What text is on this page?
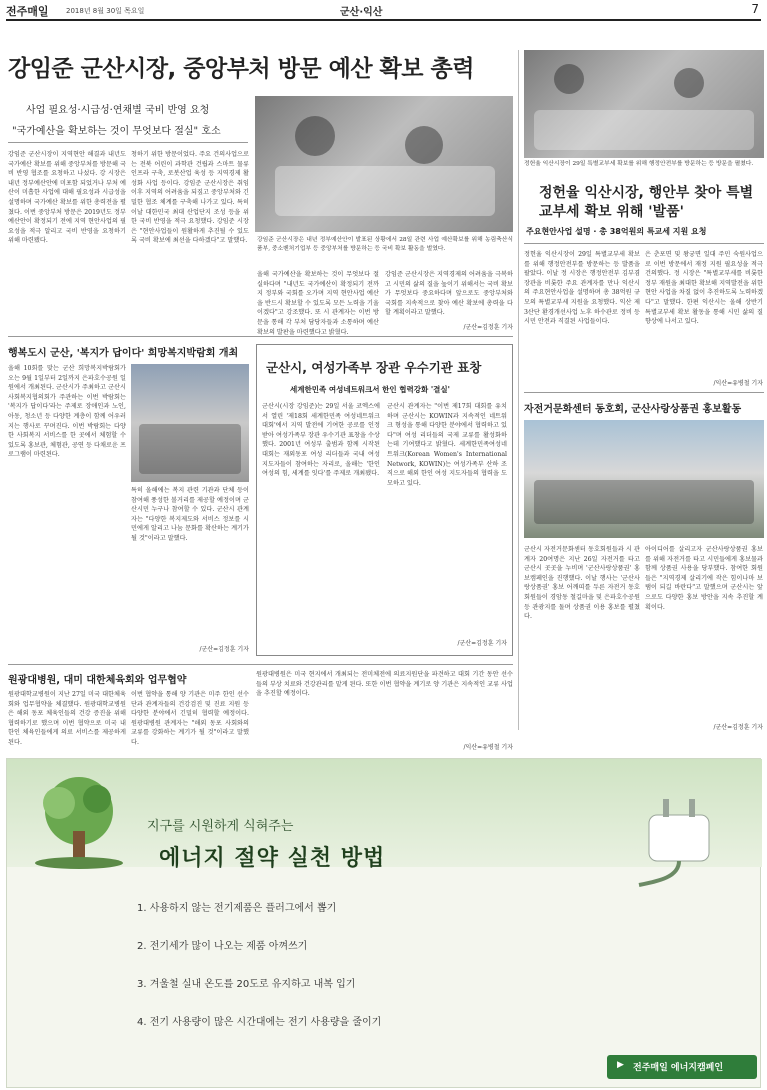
전주매일 2018년 8월 30일 목요일	군산·익산	7
강임준 군산시장, 중앙부처 방문 예산 확보 총력
사업 필요성·시급성·연채별 국비 반영 요청
"국가예산을 확보하는 것이 무엇보다 절실" 호소
강임준 군산시장이 지역현안 해결과 내년도 국가예산 확보를 위해 중앙부처를 방문해 국비 반영 협조를 요청하고 나섰다. 강 시장은 내년 정부예산안에 미포함 되었거나 부처 예산이 미흡한 사업에 대해 필요성과 시급성을 설명하며 국가예산 확보를 위한 총력전을 펼쳤다. 이번 중앙부처 방문은 2019년도 정부 예산안이 확정되기 전에 지역 현안사업의 필요성을 적극 알리고 국비 반영을 요청하기 위해 마련됐다.
청하기 위한 방문이었다. 주요 건의사업으로는 전북 어린이 과학관 건립과 스마트 물류 인프라 구축, 로봇산업 육성 등 지역경제 활성화 사업 등이다. 강임준 군산시장은 취임 이후 지역의 어려움을 되짚고 중앙부처와 긴밀한 협조 체계를 구축해 나가고 있다. 특히 이날 대한민국 최대 산업단지 조성 등을 위한 국비 반영을 적극 요청했다. 강임준 시장은 "현안사업들이 원활하게 추진될 수 있도록 국비 확보에 최선을 다하겠다"고 말했다. 강임준 군산시장은 내년 정부예산안이 발표된 상황에서 28일 관련 사업 예산확보를 위해 농림축산식품부, 중소벤처기업부 등 중앙부처를 방문하는 등 국비 확보 활동을 벌였다.
올해 국가예산을 확보하는 것이 무엇보다 절실하다며 "내년도 국가예산이 확정되기 전까지 정부와 국회를 오가며 지역 현안사업 예산을 반드시 확보할 수 있도록 모든 노력을 기울이겠다"고 강조했다. 또 시 관계자는 이번 방문을 통해 각 부처 담당자들과 소통하며 예산 확보의 발판을 마련했다고 밝혔다.
강임준 군산시장은 지역경제의 어려움을 극복하고 시민의 삶의 질을 높이기 위해서는 국비 확보가 무엇보다 중요하다며 앞으로도 중앙부처와 국회를 지속적으로 찾아 예산 확보에 총력을 다할 계획이라고 말했다.
/군산=김정훈 기자
정헌율 익산시장이 29일 특별교부세 확보를 위해 행정안전부를 방문하는 등 방문을 펼쳤다.
정헌율 익산시장, 행안부 찾아 특별교부세 확보 위해 '발품'
주요현안사업 설명 · 총 38억원의 특교세 지원 요청
정헌율 익산시장이 29일 특별교부세 확보를 위해 행정안전부를 방문하는 등 발품을 팔았다. 이날 정 시장은 행정안전부 김부겸 장관을 비롯한 주요 관계자를 만나 익산시의 주요현안사업을 설명하며 총 38억원 규모의 특별교부세 지원을 요청했다. 익산 제3산단 환경개선사업 노후 하수관로 정비 등 시민 안전과 직결된 사업들이다.
은 춘포면 및 왕궁면 일대 주민 숙원사업으로 이번 방문에서 재정 지원 필요성을 적극 건의했다. 정 시장은 "특별교부세를 비롯한 정부 재원을 최대한 확보해 지역발전을 위한 현안 사업을 차질 없이 추진하도록 노력하겠다"고 말했다. 한편 익산시는 올해 상반기 특별교부세 확보 활동을 통해 시민 삶의 질 향상에 나서고 있다.
/익산=유병철 기자
행복도시 군산, '복지가 답이다' 희망복지박람회 개최
올해 10회를 맞는 군산 희망복지박람회가 오는 9월 1일부터 2일까지 은파호수공원 일원에서 개최된다. 군산시가 주최하고 군산시사회복지협의회가 주관하는 이번 박람회는 '복지가 답이다'라는 주제로 장애인과 노인, 아동, 청소년 등 다양한 계층이 함께 어우러지는 행사로 꾸며진다. 이번 박람회는 다양한 사회복지 서비스를 한 곳에서 체험할 수 있도록 홍보관, 체험관, 공연 등 다채로운 프로그램이 마련된다.
특히 올해에는 복지 관련 기관과 단체 등이 참여해 풍성한 볼거리를 제공할 예정이며 군산시민 누구나 참여할 수 있다. 군산시 관계자는 "다양한 복지제도와 서비스 정보를 시민에게 알리고 나눔 문화를 확산하는 계기가 될 것"이라고 말했다.
/군산=김정훈 기자
군산시, 여성가족부 장관 우수기관 표창
세계한민족 여성네트워크서 한인 협력강화 '결실'
군산시(시장 강임준)는 29일 서울 코엑스에서 열린 '제18회 세계한민족 여성네트워크 대회'에서 지역 발전에 기여한 공로를 인정받아 여성가족부 장관 우수기관 표창을 수상했다. 2001년 여성부 출범과 함께 시작된 대회는 재외동포 여성 리더들과 국내 여성 지도자들이 참여하는 자리로, 올해는 '한인 여성의 힘, 세계를 잇다'를 주제로 개최됐다.
군산시 관계자는 "이번 제17회 대회를 유치하며 군산시는 KOWIN과 지속적인 네트워크 형성을 통해 다양한 분야에서 협력하고 있다"며 여성 리더들의 국제 교류를 활성화하는데 기여했다고 밝혔다. 세계한민족여성네트워크(Korean Women's International Network, KOWIN)는 여성가족부 산하 조직으로 해외 한인 여성 지도자들의 협력을 도모하고 있다.
/군산=김정훈 기자
자전거문화센터 동호회, 군산사랑상품권 홍보활동
군산시 자전거문화센터 동호회원들과 시 관계자 20여명은 지난 26일 자전거를 타고 군산시 곳곳을 누비며 '군산사랑상품권' 홍보캠페인을 진행했다. 이날 행사는 '군산사랑상품권' 홍보 어깨띠를 두른 자전거 동호회원들이 경암동 철길마을 및 은파호수공원 등 관광지를 돌며 상품권 이용 홍보를 펼쳤다.
아이디어를 살리고자 군산사랑상품권 홍보를 위해 자전거를 타고 시민들에게 홍보물과 함께 상품권 사용을 당부했다. 참여한 회원들은 "지역경제 살리기에 작은 힘이나마 보탬이 되길 바란다"고 말했으며 군산시는 앞으로도 다양한 홍보 방안을 지속 추진할 계획이다.
/군산=김정훈 기자
원광대병원, 대미 대한체육회와 업무협약
원광대학교병원이 지난 27일 미국 대한체육회와 업무협약을 체결했다. 원광대학교병원은 해외 동포 체육인들의 건강 증진을 위해 협력하기로 했으며 이번 협약으로 미국 내 한인 체육인들에게 의료 서비스를 제공하게 된다.
이번 협약을 통해 양 기관은 미주 한인 선수단과 관계자들의 건강검진 및 진료 지원 등 다양한 분야에서 긴밀히 협력할 예정이다. 원광대병원 관계자는 "해외 동포 사회와의 교류를 강화하는 계기가 될 것"이라고 말했다.
원광대병원은 미국 현지에서 개최되는 전미체전에 의료지원단을 파견하고 대회 기간 동안 선수들의 부상 치료와 건강관리를 맡게 된다. 또한 이번 협약을 계기로 양 기관은 지속적인 교류 사업을 추진할 예정이다.
/익산=유병철 기자
지구를 시원하게 식혀주는
에너지 절약 실천 방법
1. 사용하지 않는 전기제품은 플러그에서 뽑기
2. 전기세가 많이 나오는 제품 아껴쓰기
3. 겨울철 실내 온도를 20도로 유지하고 내복 입기
4. 전기 사용량이 많은 시간대에는 전기 사용량을 줄이기
▶ 전주매일 에너지캠페인
